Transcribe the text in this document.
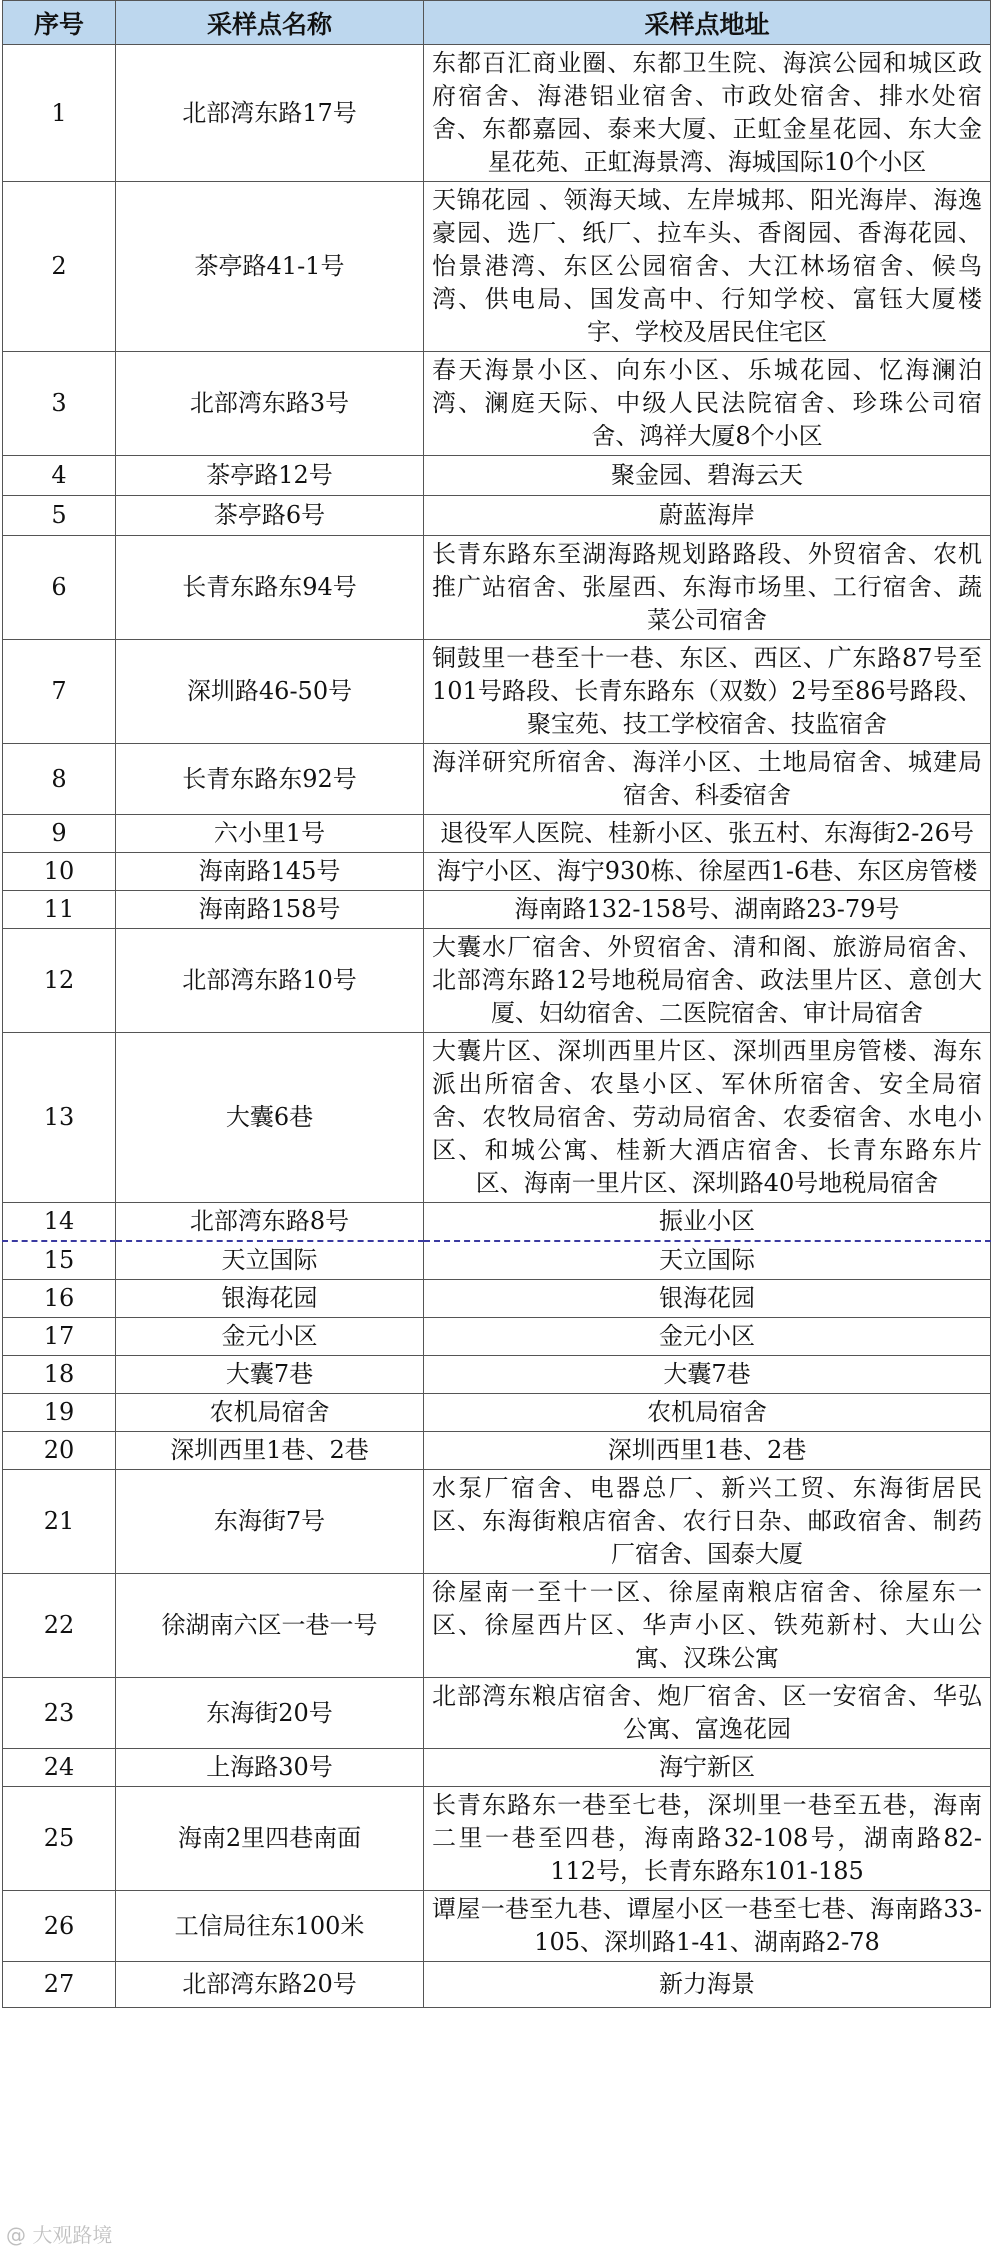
序号	采样点名称	采样点地址
1	北部湾东路17号	东都百汇商业圈、东都卫生院、海滨公园和城区政府宿舍、海港铝业宿舍、市政处宿舍、排水处宿舍、东都嘉园、泰来大厦、正虹金星花园、东大金星花苑、正虹海景湾、海城国际10个小区
2	茶亭路41-1号	天锦花园 、领海天域、左岸城邦、阳光海岸、海逸豪园、选厂、纸厂、拉车头、香阁园、香海花园、怡景港湾、东区公园宿舍、大江林场宿舍、候鸟湾、供电局、国发高中、行知学校、富钰大厦楼宇、学校及居民住宅区
3	北部湾东路3号	春天海景小区、向东小区、乐城花园、忆海澜泊湾、澜庭天际、中级人民法院宿舍、珍珠公司宿舍、鸿祥大厦8个小区
4	茶亭路12号	聚金园、碧海云天
5	茶亭路6号	蔚蓝海岸
6	长青东路东94号	长青东路东至湖海路规划路路段、外贸宿舍、农机推广站宿舍、张屋西、东海市场里、工行宿舍、蔬菜公司宿舍
7	深圳路46-50号	铜鼓里一巷至十一巷、东区、西区、广东路87号至101号路段、长青东路东（双数）2号至86号路段、聚宝苑、技工学校宿舍、技监宿舍
8	长青东路东92号	海洋研究所宿舍、海洋小区、土地局宿舍、城建局宿舍、科委宿舍
9	六小里1号	退役军人医院、桂新小区、张五村、东海街2-26号
10	海南路145号	海宁小区、海宁930栋、徐屋西1-6巷、东区房管楼
11	海南路158号	海南路132-158号、湖南路23-79号
12	北部湾东路10号	大囊水厂宿舍、外贸宿舍、清和阁、旅游局宿舍、北部湾东路12号地税局宿舍、政法里片区、意创大厦、妇幼宿舍、二医院宿舍、审计局宿舍
13	大囊6巷	大囊片区、深圳西里片区、深圳西里房管楼、海东派出所宿舍、农垦小区、军休所宿舍、安全局宿舍、农牧局宿舍、劳动局宿舍、农委宿舍、水电小区、和城公寓、桂新大酒店宿舍、长青东路东片区、海南一里片区、深圳路40号地税局宿舍
14	北部湾东路8号	振业小区
15	天立国际	天立国际
16	银海花园	银海花园
17	金元小区	金元小区
18	大囊7巷	大囊7巷
19	农机局宿舍	农机局宿舍
20	深圳西里1巷、2巷	深圳西里1巷、2巷
21	东海街7号	水泵厂宿舍、电器总厂、新兴工贸、东海街居民区、东海街粮店宿舍、农行日杂、邮政宿舍、制药厂宿舍、国泰大厦
22	徐湖南六区一巷一号	徐屋南一至十一区、徐屋南粮店宿舍、徐屋东一区、徐屋西片区、华声小区、铁苑新村、大山公寓、汉珠公寓
23	东海街20号	北部湾东粮店宿舍、炮厂宿舍、区一安宿舍、华弘公寓、富逸花园
24	上海路30号	海宁新区
25	海南2里四巷南面	长青东路东一巷至七巷，深圳里一巷至五巷，海南二里一巷至四巷，海南路32-108号，湖南路82-112号，长青东路东101-185
26	工信局往东100米	谭屋一巷至九巷、谭屋小区一巷至七巷、海南路33-105、深圳路1-41、湖南路2-78
27	北部湾东路20号	新力海景
@ 大观路境
